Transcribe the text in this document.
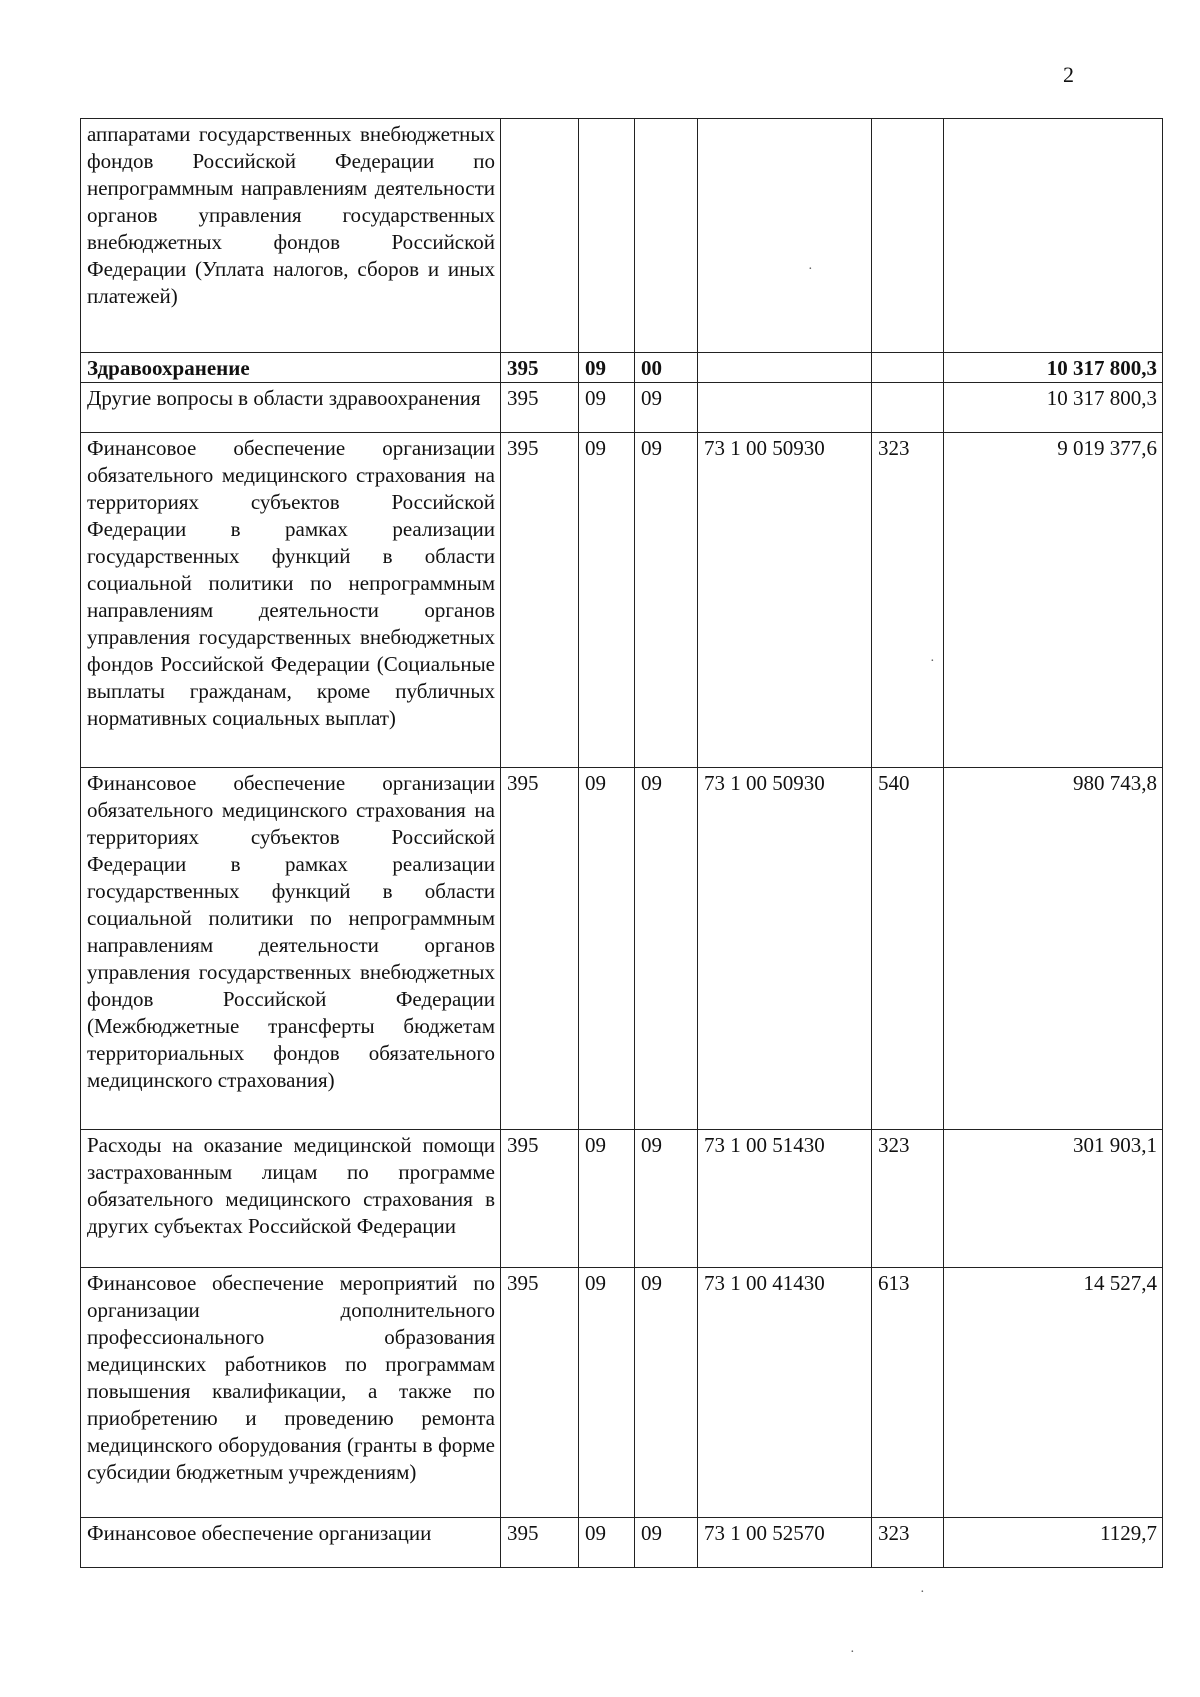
2
аппаратами государственных внебюджетных фондов Российской Федерации по непрограммным направлениям деятельности органов управления государственных внебюджетных фондов Российской Федерации (Уплата налогов, сборов и иных платежей)						
Здравоохранение	395	09	00			10 317 800,3
Другие вопросы в области здравоохранения	395	09	09			10 317 800,3
Финансовое обеспечение организации обязательного медицинского страхования на территориях субъектов Российской Федерации в рамках реализации государственных функций в области социальной политики по непрограммным направлениям деятельности органов управления государственных внебюджетных фондов Российской Федерации (Социальные выплаты гражданам, кроме публичных нормативных социальных выплат)	395	09	09	73 1 00 50930	323	9 019 377,6
Финансовое обеспечение организации обязательного медицинского страхования на территориях субъектов Российской Федерации в рамках реализации государственных функций в области социальной политики по непрограммным направлениям деятельности органов управления государственных внебюджетных фондов Российской Федерации (Межбюджетные трансферты бюджетам территориальных фондов обязательного медицинского страхования)	395	09	09	73 1 00 50930	540	980 743,8
Расходы на оказание медицинской помощи застрахованным лицам по программе обязательного медицинского страхования в других субъектах Российской Федерации	395	09	09	73 1 00 51430	323	301 903,1
Финансовое обеспечение мероприятий по организации дополнительного профессионального образования медицинских работников по программам повышения квалификации, а также по приобретению и проведению ремонта медицинского оборудования (гранты в форме субсидии бюджетным учреждениям)	395	09	09	73 1 00 41430	613	14 527,4
Финансовое обеспечение организации	395	09	09	73 1 00 52570	323	1129,7
·
·
·
·
